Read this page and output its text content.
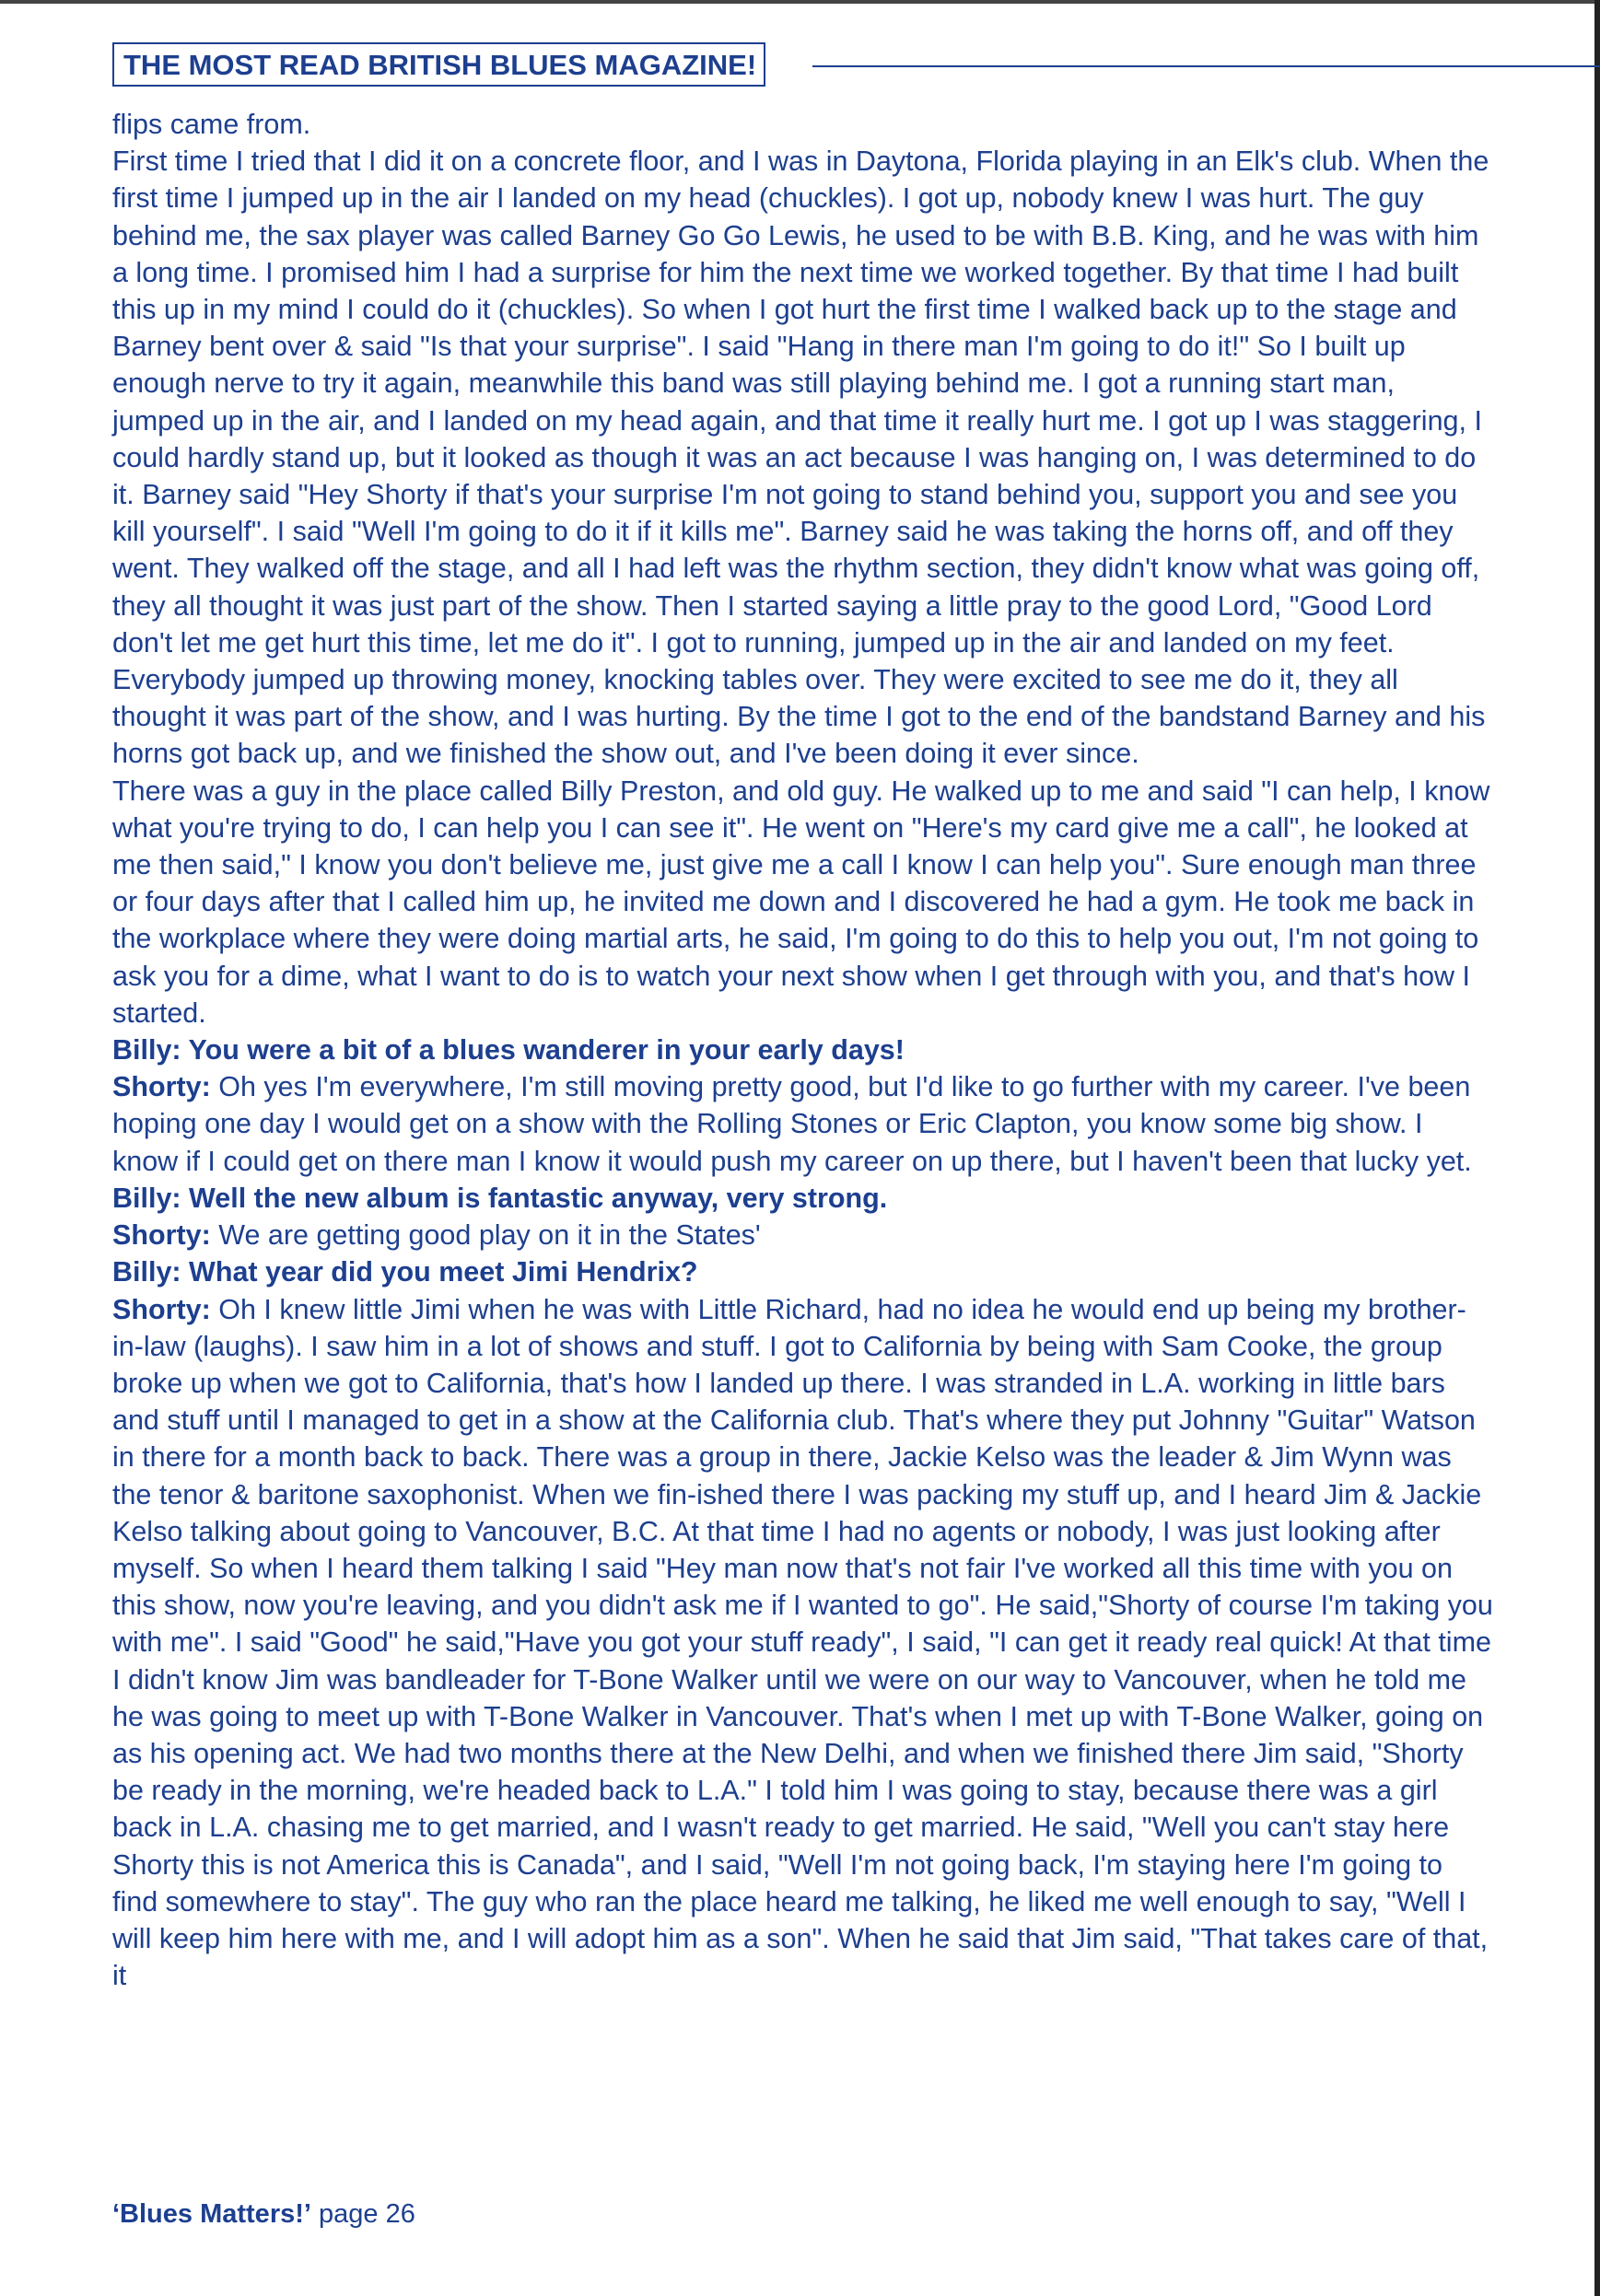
THE MOST READ BRITISH BLUES MAGAZINE!

flips came from.

First time I tried that I did it on a concrete floor, and I was in Daytona, Florida playing in an Elk's club. When the first time I jumped up in the air I landed on my head (chuckles). I got up, nobody knew I was hurt. The guy behind me, the sax player was called Barney Go Go Lewis, he used to be with B.B. King, and he was with him a long time. I promised him I had a surprise for him the next time we worked together. By that time I had built this up in my mind I could do it (chuckles). So when I got hurt the first time I walked back up to the stage and Barney bent over & said "Is that your surprise". I said "Hang in there man I'm going to do it!" So I built up enough nerve to try it again, meanwhile this band was still playing behind me. I got a running start man, jumped up in the air, and I landed on my head again, and that time it really hurt me. I got up I was staggering, I could hardly stand up, but it looked as though it was an act because I was hanging on, I was determined to do it. Barney said "Hey Shorty if that's your surprise I'm not going to stand behind you, support you and see you kill yourself". I said "Well I'm going to do it if it kills me". Barney said he was taking the horns off, and off they went. They walked off the stage, and all I had left was the rhythm section, they didn't know what was going off, they all thought it was just part of the show. Then I started saying a little pray to the good Lord, "Good Lord don't let me get hurt this time, let me do it". I got to running, jumped up in the air and landed on my feet. Everybody jumped up throwing money, knocking tables over. They were excited to see me do it, they all thought it was part of the show, and I was hurting. By the time I got to the end of the bandstand Barney and his horns got back up, and we finished the show out, and I've been doing it ever since.

There was a guy in the place called Billy Preston, and old guy. He walked up to me and said "I can help, I know what you're trying to do, I can help you I can see it". He went on "Here's my card give me a call", he looked at me then said," I know you don't believe me, just give me a call I know I can help you". Sure enough man three or four days after that I called him up, he invited me down and I discovered he had a gym. He took me back in the workplace where they were doing martial arts, he said, I'm going to do this to help you out, I'm not going to ask you for a dime, what I want to do is to watch your next show when I get through with you, and that's how I started.

Billy: You were a bit of a blues wanderer in your early days!

Shorty: Oh yes I'm everywhere, I'm still moving pretty good, but I'd like to go further with my career. I've been hoping one day I would get on a show with the Rolling Stones or Eric Clapton, you know some big show. I know if I could get on there man I know it would push my career on up there, but I haven't been that lucky yet.

Billy: Well the new album is fantastic anyway, very strong.

Shorty: We are getting good play on it in the States'

Billy: What year did you meet Jimi Hendrix?

Shorty: Oh I knew little Jimi when he was with Little Richard, had no idea he would end up being my brother-in-law (laughs). I saw him in a lot of shows and stuff. I got to California by being with Sam Cooke, the group broke up when we got to California, that's how I landed up there. I was stranded in L.A. working in little bars and stuff until I managed to get in a show at the California club. That's where they put Johnny "Guitar" Watson in there for a month back to back. There was a group in there, Jackie Kelso was the leader & Jim Wynn was the tenor & baritone saxophonist. When we fin-ished there I was packing my stuff up, and I heard Jim & Jackie Kelso talking about going to Vancouver, B.C. At that time I had no agents or nobody, I was just looking after myself. So when I heard them talking I said "Hey man now that's not fair I've worked all this time with you on this show, now you're leaving, and you didn't ask me if I wanted to go". He said,"Shorty of course I'm taking you with me". I said "Good" he said,"Have you got your stuff ready", I said, "I can get it ready real quick! At that time I didn't know Jim was bandleader for T-Bone Walker until we were on our way to Vancouver, when he told me he was going to meet up with T-Bone Walker in Vancouver. That's when I met up with T-Bone Walker, going on as his opening act. We had two months there at the New Delhi, and when we finished there Jim said, "Shorty be ready in the morning, we're headed back to L.A." I told him I was going to stay, because there was a girl back in L.A. chasing me to get married, and I wasn't ready to get married. He said, "Well you can't stay here Shorty this is not America this is Canada", and I said, "Well I'm not going back, I'm staying here I'm going to find somewhere to stay". The guy who ran the place heard me talking, he liked me well enough to say, "Well I will keep him here with me, and I will adopt him as a son". When he said that Jim said, "That takes care of that, it

‘Blues Matters!’ page 26
